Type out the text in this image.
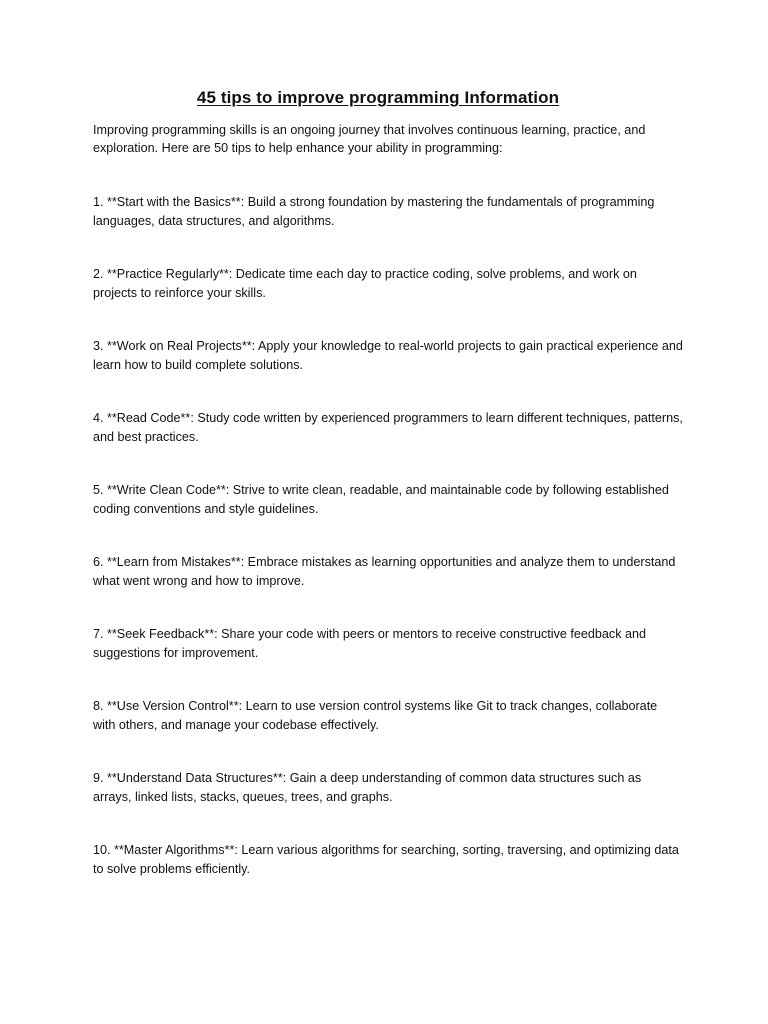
45 tips to improve programming Information

Improving programming skills is an ongoing journey that involves continuous learning, practice, and exploration. Here are 50 tips to help enhance your ability in programming:

1. **Start with the Basics**: Build a strong foundation by mastering the fundamentals of programming languages, data structures, and algorithms.

2. **Practice Regularly**: Dedicate time each day to practice coding, solve problems, and work on projects to reinforce your skills.

3. **Work on Real Projects**: Apply your knowledge to real-world projects to gain practical experience and learn how to build complete solutions.

4. **Read Code**: Study code written by experienced programmers to learn different techniques, patterns, and best practices.

5. **Write Clean Code**: Strive to write clean, readable, and maintainable code by following established coding conventions and style guidelines.

6. **Learn from Mistakes**: Embrace mistakes as learning opportunities and analyze them to understand what went wrong and how to improve.

7. **Seek Feedback**: Share your code with peers or mentors to receive constructive feedback and suggestions for improvement.

8. **Use Version Control**: Learn to use version control systems like Git to track changes, collaborate with others, and manage your codebase effectively.

9. **Understand Data Structures**: Gain a deep understanding of common data structures such as arrays, linked lists, stacks, queues, trees, and graphs.

10. **Master Algorithms**: Learn various algorithms for searching, sorting, traversing, and optimizing data to solve problems efficiently.
